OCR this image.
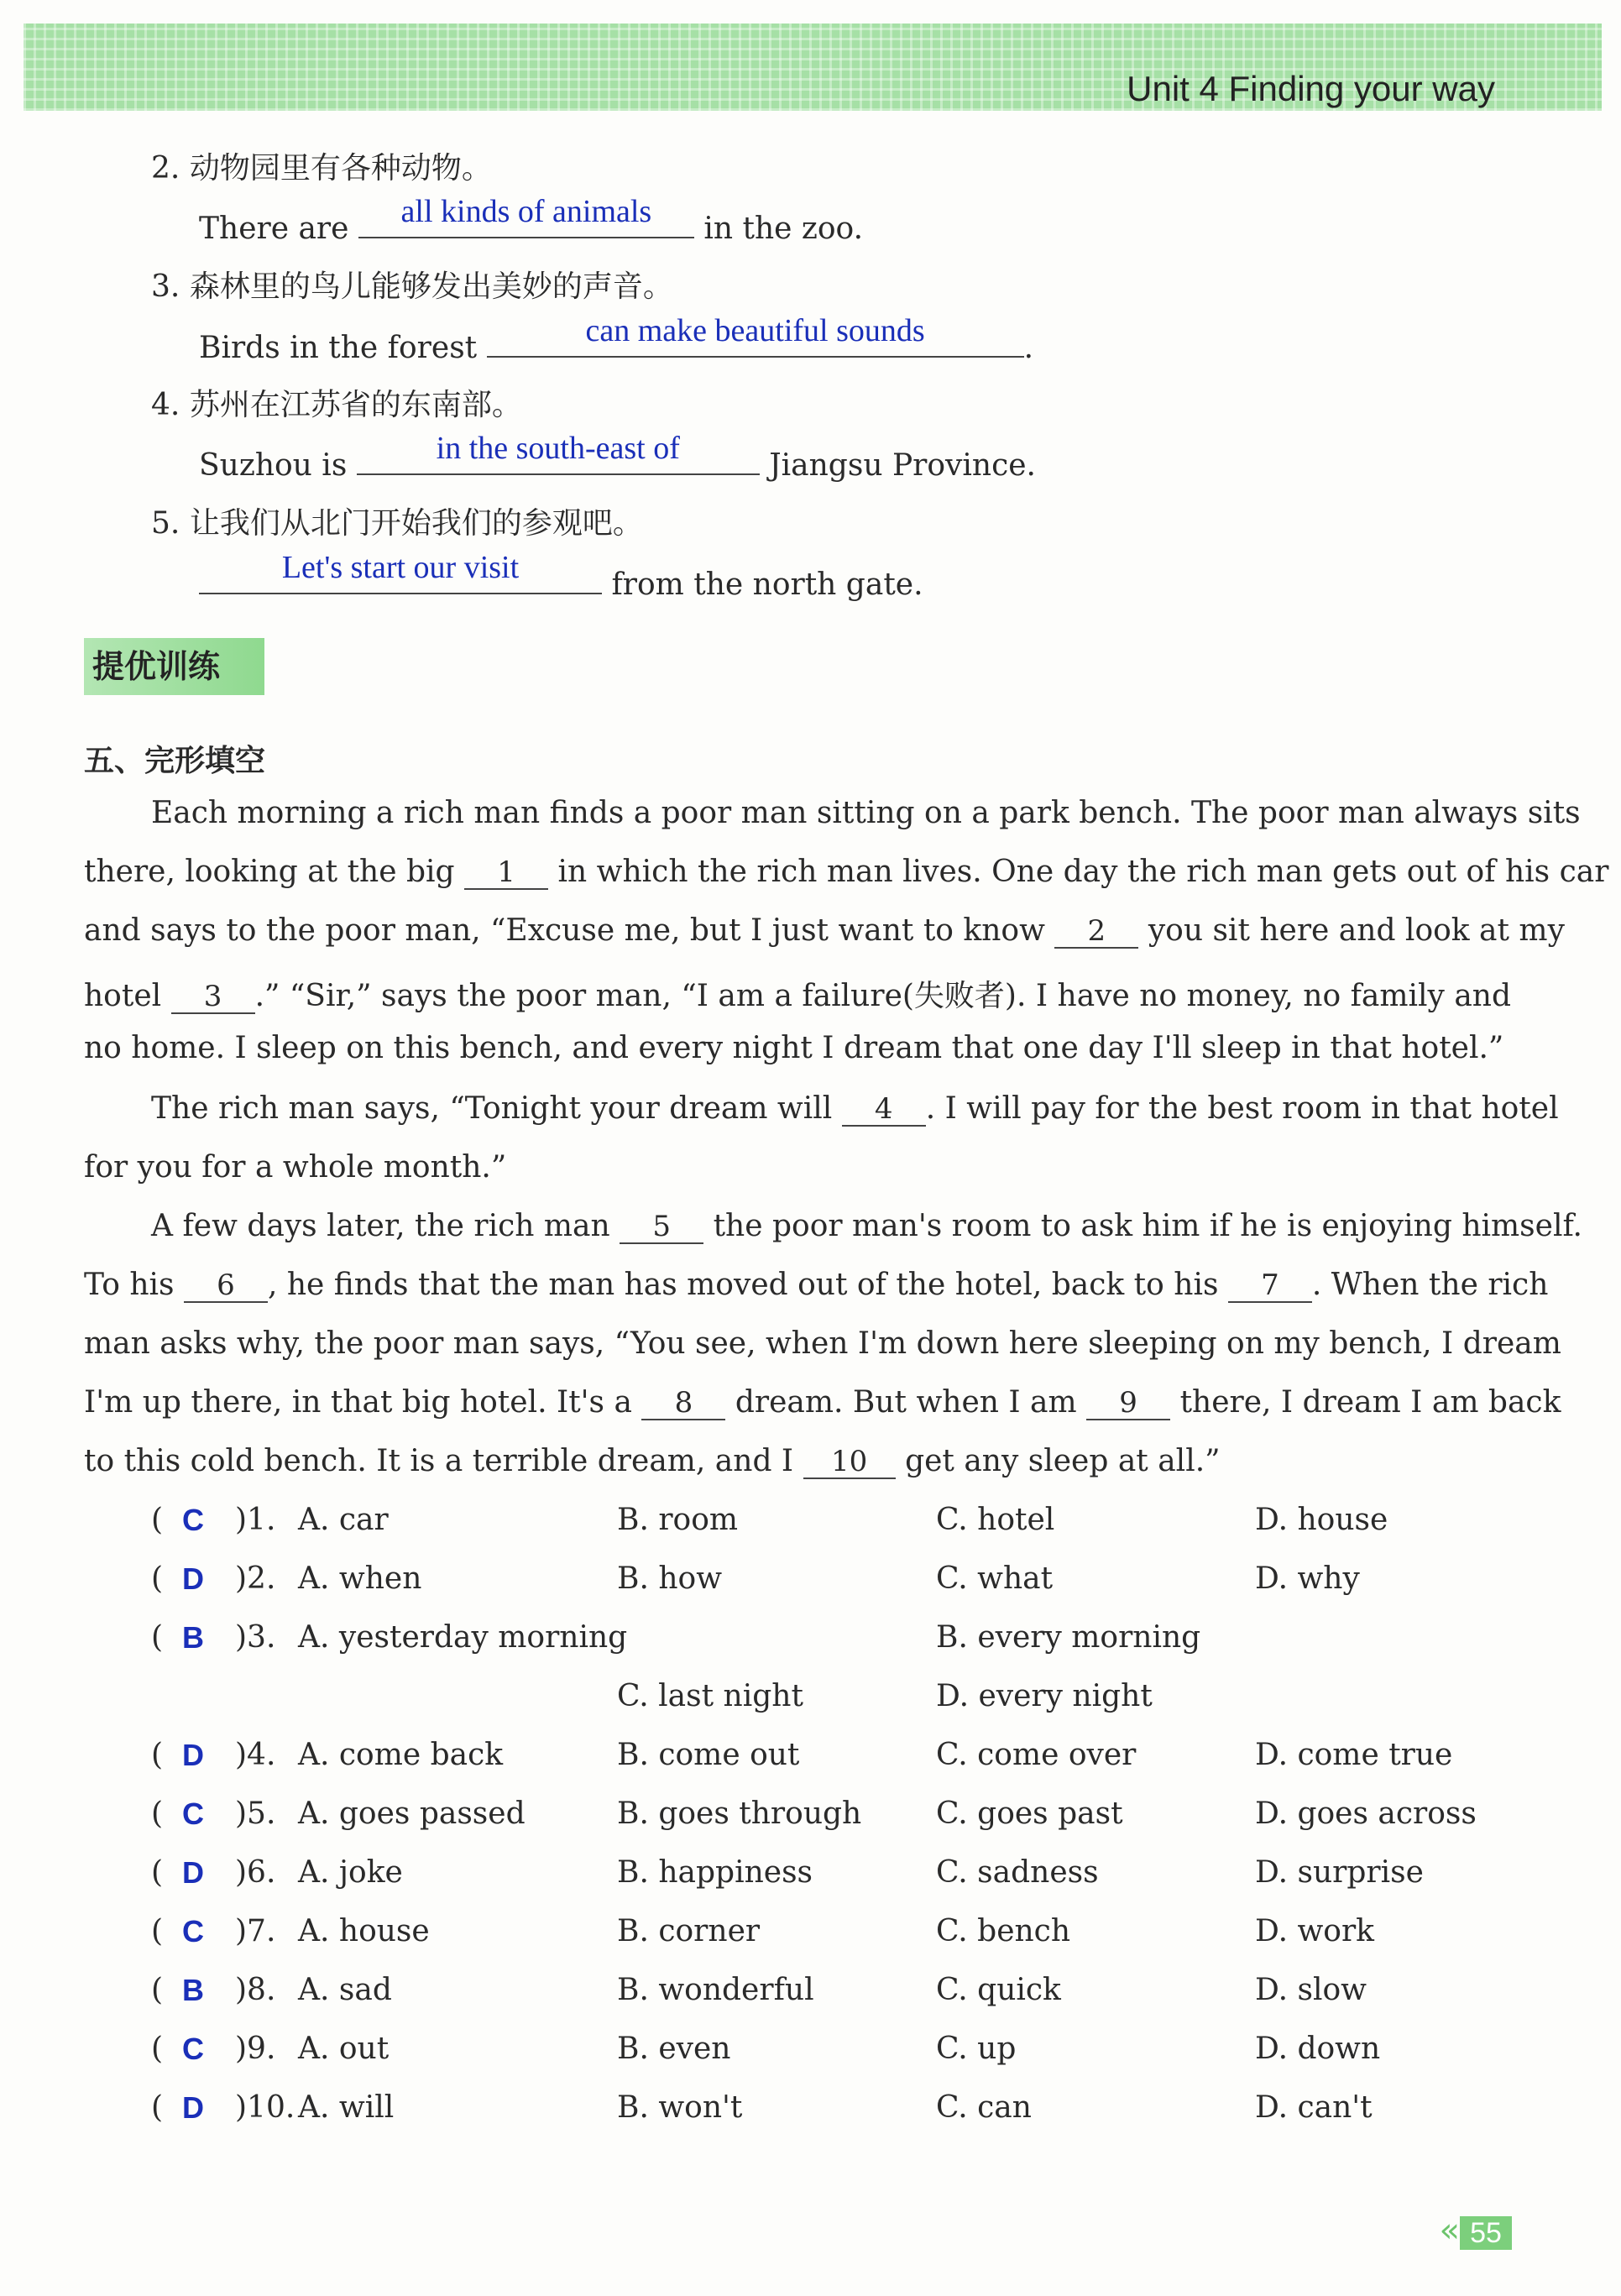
Unit 4 Finding your way
2. 动物园里有各种动物。
There are	all kinds of animals	in the zoo.
3. 森林里的鸟儿能够发出美妙的声音。
Birds in the forest	can make beautiful sounds	.
4. 苏州在江苏省的东南部。
Suzhou is	in the south-east of	Jiangsu Province.
5. 让我们从北门开始我们的参观吧。
Let's start our visit	from the north gate.
提优训练
五、完形填空
Each morning a rich man finds a poor man sitting on a park bench. The poor man always sits
there, looking at the big 1 in which the rich man lives. One day the rich man gets out of his car
and says to the poor man, “Excuse me, but I just want to know 2 you sit here and look at my
hotel 3 .” “Sir,” says the poor man, “I am a failure(失败者). I have no money, no family and
no home. I sleep on this bench, and every night I dream that one day I'll sleep in that hotel.”
The rich man says, “Tonight your dream will 4 . I will pay for the best room in that hotel
for you for a whole month.”
A few days later, the rich man 5 the poor man's room to ask him if he is enjoying himself.
To his 6 , he finds that the man has moved out of the hotel, back to his 7 . When the rich
man asks why, the poor man says, “You see, when I'm down here sleeping on my bench, I dream
I'm up there, in that big hotel. It's a 8 dream. But when I am 9 there, I dream I am back
to this cold bench. It is a terrible dream, and I 10 get any sleep at all.”
( C )1. A. car	B. room	C. hotel	D. house
( D )2. A. when	B. how	C. what	D. why
( B )3. A. yesterday morning	B. every morning
C. last night	D. every night
( D )4. A. come back	B. come out	C. come over	D. come true
( C )5. A. goes passed	B. goes through C. goes past	D. goes across
( D )6. A. joke	B. happiness	C. sadness	D. surprise
( C )7. A. house	B. corner	C. bench	D. work
( B )8. A. sad	B. wonderful	C. quick	D. slow
( C )9. A. out	B. even	C. up	D. down
( D )10. A. will	B. won't	C. can	D. can't
« 55
